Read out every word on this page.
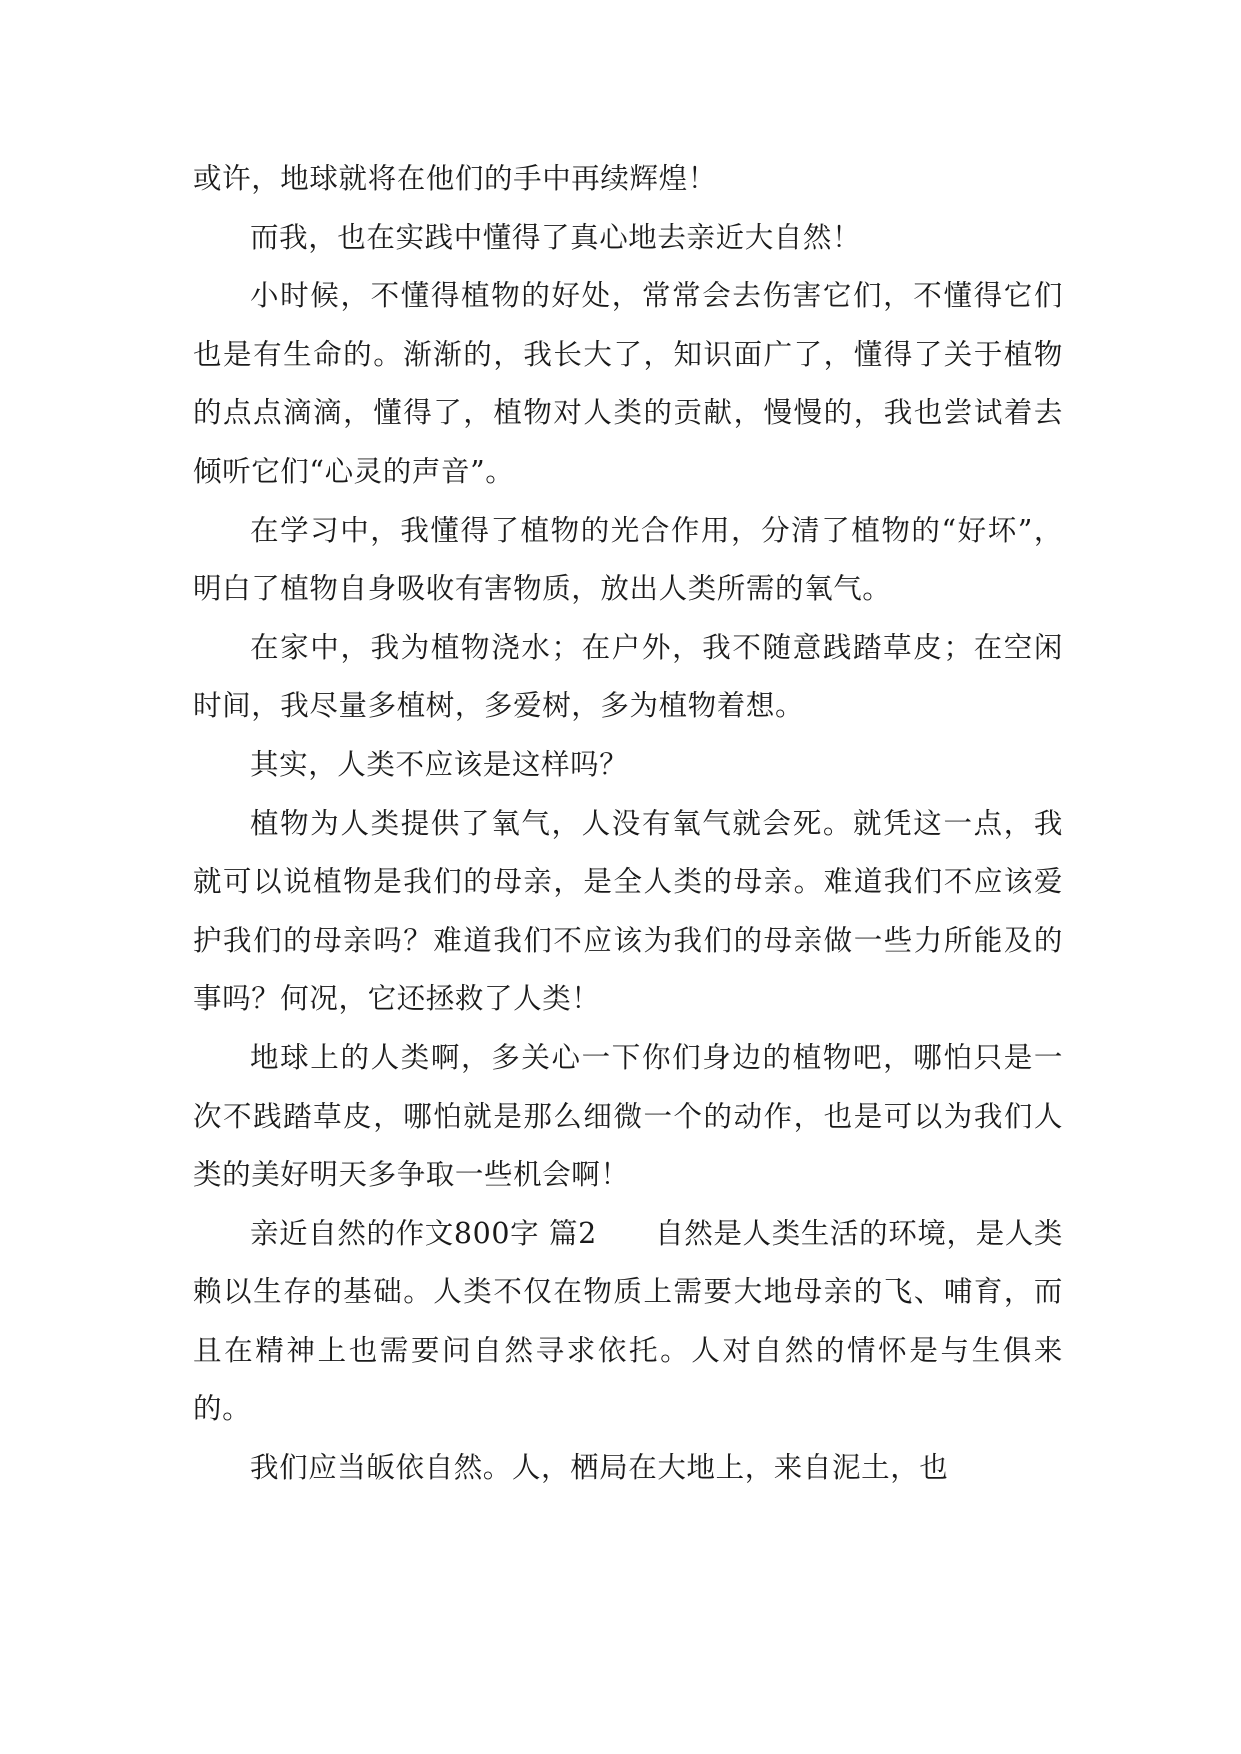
或许，地球就将在他们的手中再续辉煌！

而我，也在实践中懂得了真心地去亲近大自然！

小时候，不懂得植物的好处，常常会去伤害它们，不懂得它们也是有生命的。渐渐的，我长大了，知识面广了，懂得了关于植物的点点滴滴，懂得了，植物对人类的贡献，慢慢的，我也尝试着去倾听它们“心灵的声音”。

在学习中，我懂得了植物的光合作用，分清了植物的“好坏”，明白了植物自身吸收有害物质，放出人类所需的氧气。

在家中，我为植物浇水；在户外，我不随意践踏草皮；在空闲时间，我尽量多植树，多爱树，多为植物着想。

其实，人类不应该是这样吗？

植物为人类提供了氧气，人没有氧气就会死。就凭这一点，我就可以说植物是我们的母亲，是全人类的母亲。难道我们不应该爱护我们的母亲吗？难道我们不应该为我们的母亲做一些力所能及的事吗？何况，它还拯救了人类！

地球上的人类啊，多关心一下你们身边的植物吧，哪怕只是一次不践踏草皮，哪怕就是那么细微一个的动作，也是可以为我们人类的美好明天多争取一些机会啊！

亲近自然的作文800字 篇2　　自然是人类生活的环境，是人类赖以生存的基础。人类不仅在物质上需要大地母亲的飞、哺育，而且在精神上也需要问自然寻求依托。人对自然的情怀是与生俱来的。

我们应当皈依自然。人，栖局在大地上，来自泥土，也
